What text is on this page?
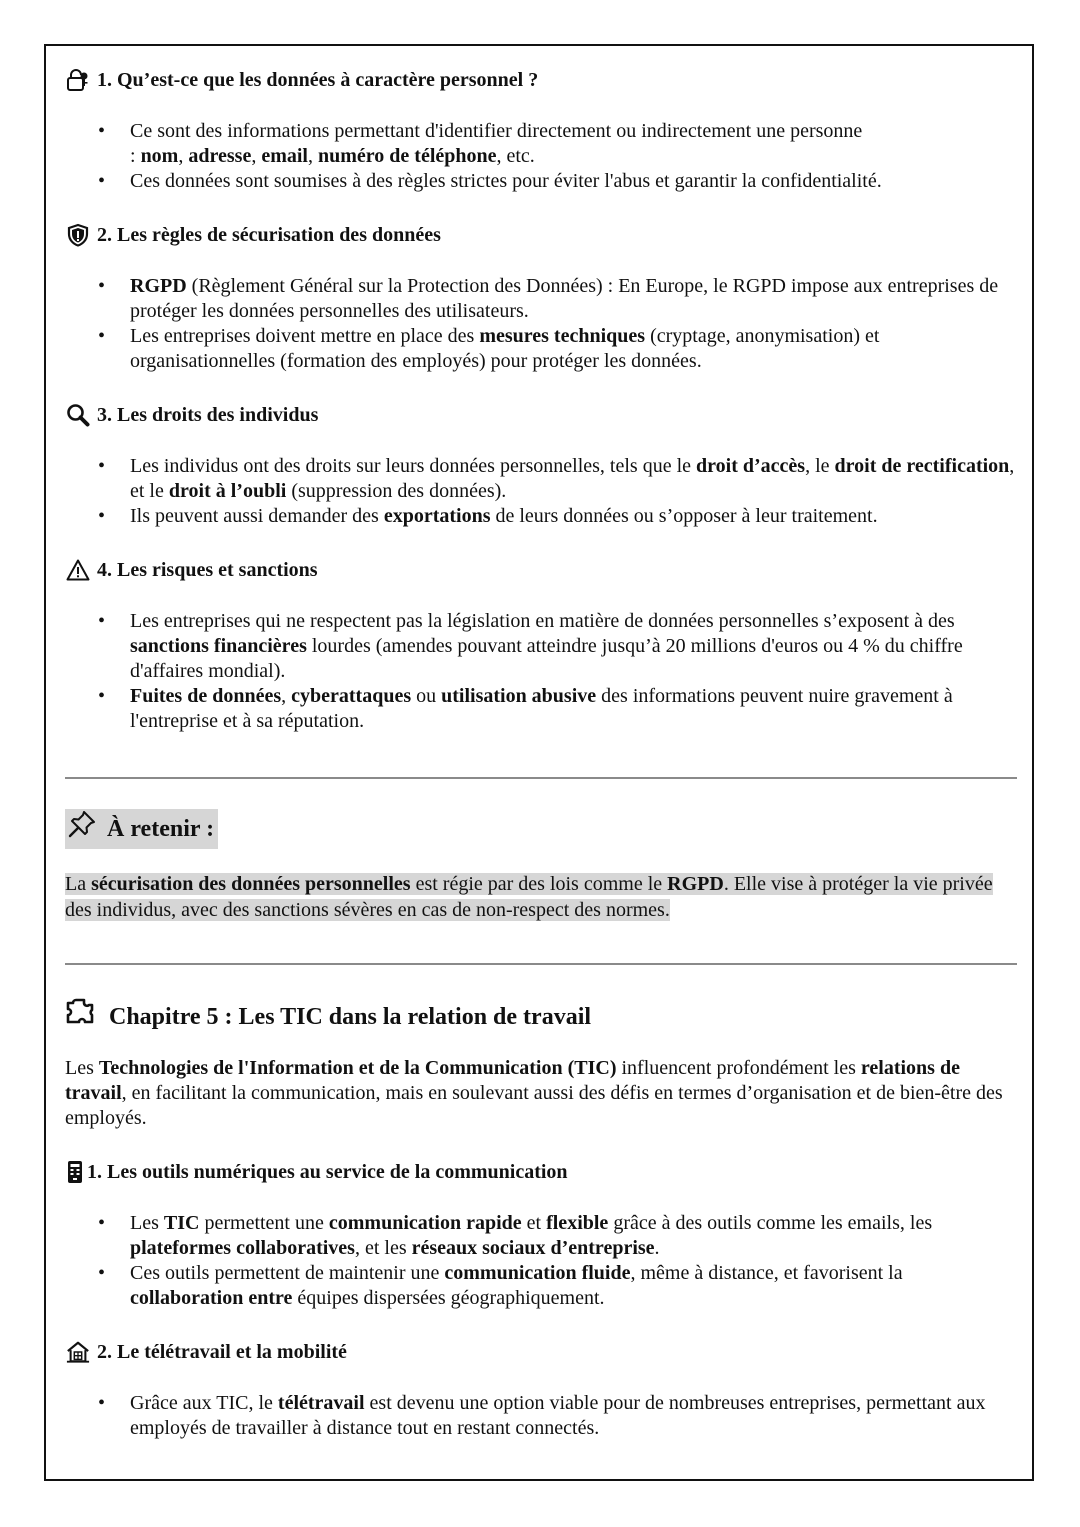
1. Qu’est-ce que les données à caractère personnel ?
• Ce sont des informations permettant d'identifier directement ou indirectement une personne
: nom, adresse, email, numéro de téléphone, etc.
• Ces données sont soumises à des règles strictes pour éviter l'abus et garantir la confidentialité.
2. Les règles de sécurisation des données
• RGPD (Règlement Général sur la Protection des Données) : En Europe, le RGPD impose aux entreprises de protéger les données personnelles des utilisateurs.
• Les entreprises doivent mettre en place des mesures techniques (cryptage, anonymisation) et organisationnelles (formation des employés) pour protéger les données.
3. Les droits des individus
• Les individus ont des droits sur leurs données personnelles, tels que le droit d’accès, le droit de rectification, et le droit à l’oubli (suppression des données).
• Ils peuvent aussi demander des exportations de leurs données ou s’opposer à leur traitement.
4. Les risques et sanctions
• Les entreprises qui ne respectent pas la législation en matière de données personnelles s’exposent à des sanctions financières lourdes (amendes pouvant atteindre jusqu’à 20 millions d'euros ou 4 % du chiffre d'affaires mondial).
• Fuites de données, cyberattaques ou utilisation abusive des informations peuvent nuire gravement à l'entreprise et à sa réputation.
À retenir :

La sécurisation des données personnelles est régie par des lois comme le RGPD. Elle vise à protéger la vie privée des individus, avec des sanctions sévères en cas de non-respect des normes.

Chapitre 5 : Les TIC dans la relation de travail

Les Technologies de l'Information et de la Communication (TIC) influencent profondément les relations de travail, en facilitant la communication, mais en soulevant aussi des défis en termes d’organisation et de bien-être des employés.

1. Les outils numériques au service de la communication
• Les TIC permettent une communication rapide et flexible grâce à des outils comme les emails, les plateformes collaboratives, et les réseaux sociaux d’entreprise.
• Ces outils permettent de maintenir une communication fluide, même à distance, et favorisent la collaboration entre équipes dispersées géographiquement.
2. Le télétravail et la mobilité
• Grâce aux TIC, le télétravail est devenu une option viable pour de nombreuses entreprises, permettant aux employés de travailler à distance tout en restant connectés.
